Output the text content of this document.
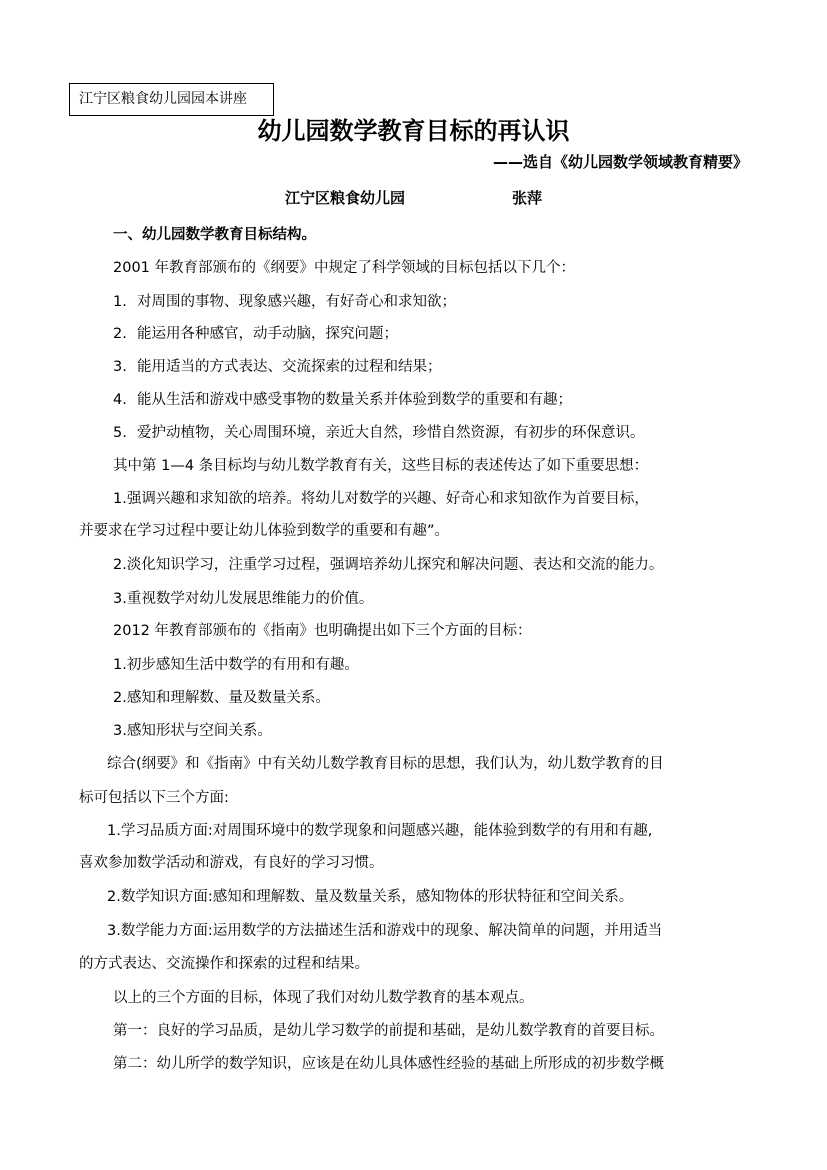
江宁区粮食幼儿园园本讲座
幼儿园数学教育目标的再认识
——选自《幼儿园数学领域教育精要》
江宁区粮食幼儿园	张萍
一、幼儿园数学教育目标结构。
2001 年教育部颁布的《纲要》中规定了科学领域的目标包括以下几个：
1. 对周围的事物、现象感兴趣，有好奇心和求知欲；
2. 能运用各种感官，动手动脑，探究问题；
3. 能用适当的方式表达、交流探索的过程和结果；
4. 能从生活和游戏中感受事物的数量关系并体验到数学的重要和有趣；
5. 爱护动植物，关心周围环境，亲近大自然，珍惜自然资源，有初步的环保意识。
其中第 1—4 条目标均与幼儿数学教育有关，这些目标的表述传达了如下重要思想：
1.强调兴趣和求知欲的培养。将幼儿对数学的兴趣、好奇心和求知欲作为首要目标，
并要求在学习过程中要让幼儿体验到数学的重要和有趣”。
2.淡化知识学习，注重学习过程，强调培养幼儿探究和解决问题、表达和交流的能力。
3.重视数学对幼儿发展思维能力的价值。
2012 年教育部颁布的《指南》也明确提出如下三个方面的目标：
1.初步感知生活中数学的有用和有趣。
2.感知和理解数、量及数量关系。
3.感知形状与空间关系。
综合(纲要》和《指南》中有关幼儿数学教育目标的思想，我们认为，幼儿数学教育的目
标可包括以下三个方面:
1.学习品质方面:对周围环境中的数学现象和问题感兴趣，能体验到数学的有用和有趣,
喜欢参加数学活动和游戏，有良好的学习习惯。
2.数学知识方面:感知和理解数、量及数量关系，感知物体的形状特征和空间关系。
3.数学能力方面:运用数学的方法描述生活和游戏中的现象、解决简单的问题，并用适当
的方式表达、交流操作和探索的过程和结果。
以上的三个方面的目标，体现了我们对幼儿数学教育的基本观点。
第一：良好的学习品质，是幼儿学习数学的前提和基础，是幼儿数学教育的首要目标。
第二：幼儿所学的数学知识，应该是在幼儿具体感性经验的基础上所形成的初步数学概
